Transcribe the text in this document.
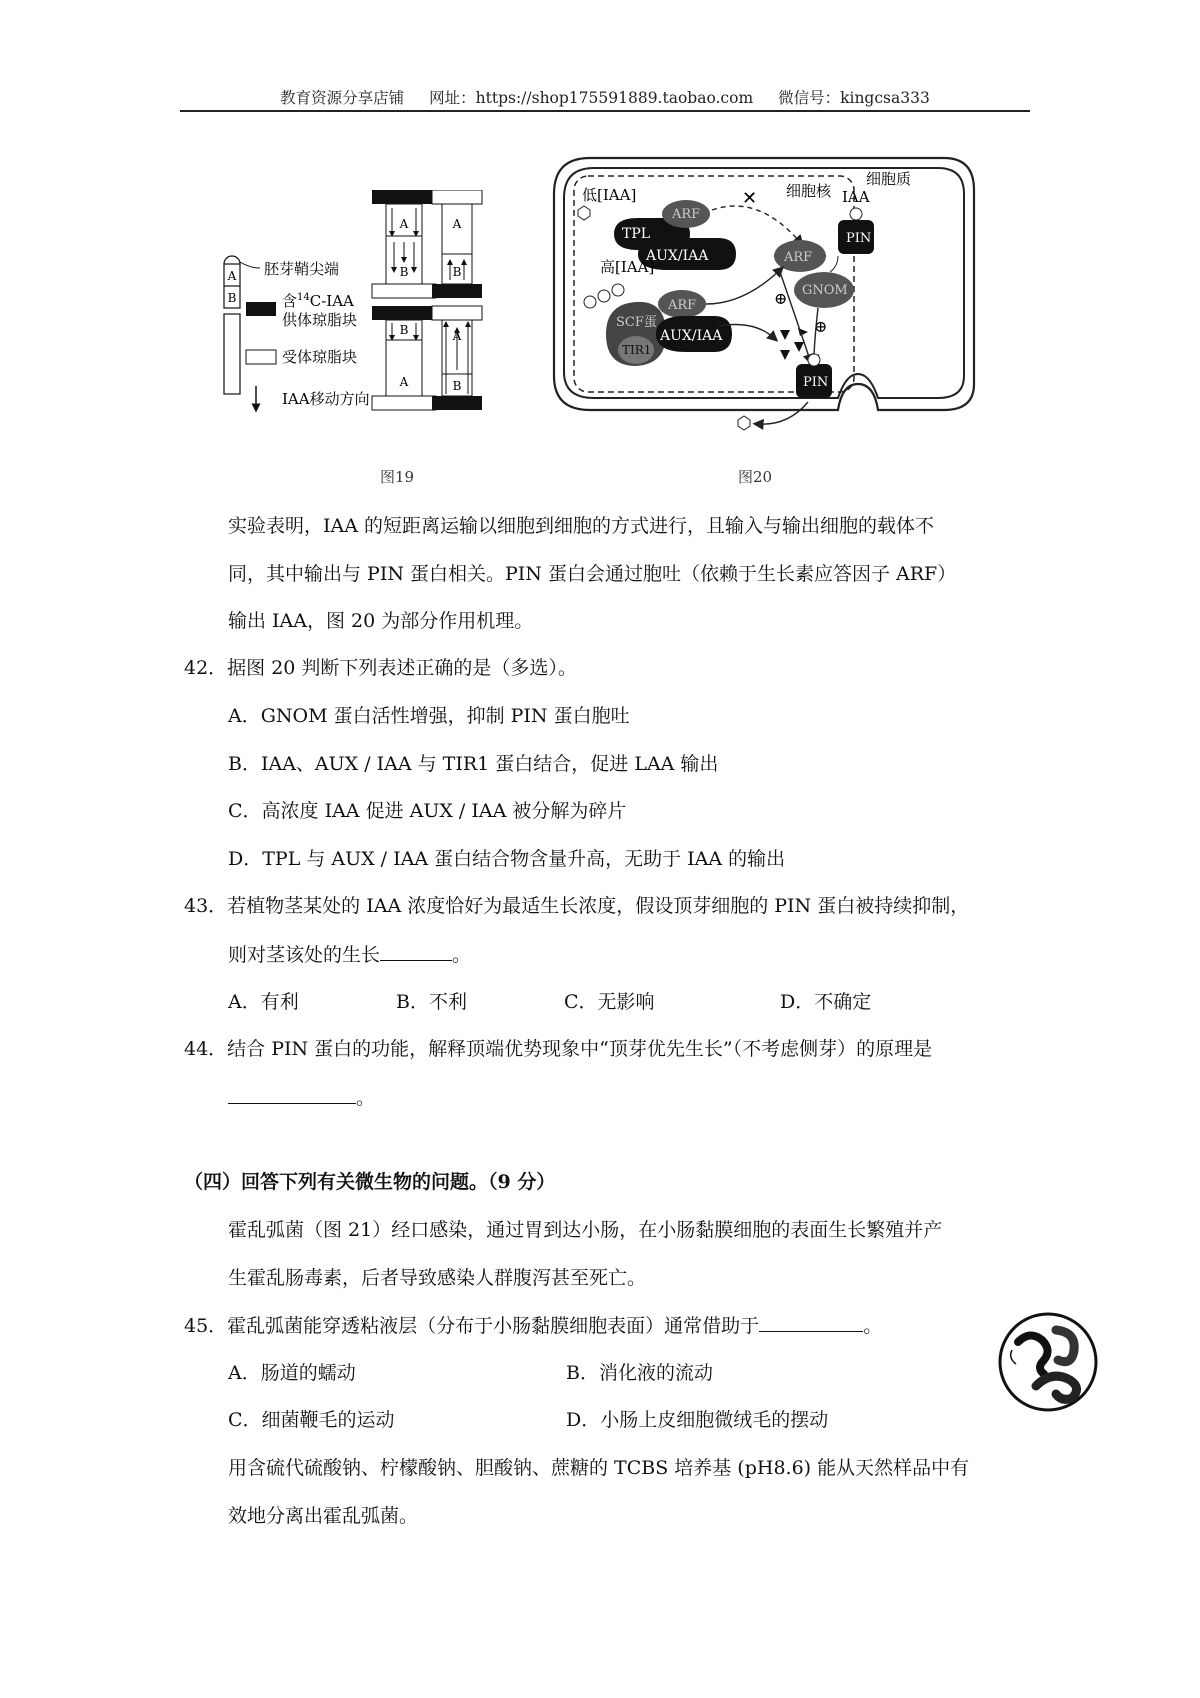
教育资源分享店铺 网址：https://shop175591889.taobao.com 微信号：kingcsa333
A
B
胚芽鞘尖端
含$^{14}$C-IAA
供体琼脂块
受体琼脂块
IAA移动方向
A
B
A
B
B
A
A
B
图19
细胞质
细胞核
低[IAA]
TPL
AUX/IAA
ARF
✕
ARF
高[IAA]
SCF蛋
TIR1
ARF
AUX/IAA
IAA
PIN
GNOM
⊕
⊕
PIN
图20
实验表明，IAA 的短距离运输以细胞到细胞的方式进行，且输入与输出细胞的载体不
同，其中输出与 PIN 蛋白相关。PIN 蛋白会通过胞吐（依赖于生长素应答因子 ARF）
输出 IAA，图 20 为部分作用机理。
42．据图 20 判断下列表述正确的是（多选）。
A．GNOM 蛋白活性增强，抑制 PIN 蛋白胞吐
B．IAA、AUX / IAA 与 TIR1 蛋白结合，促进 LAA 输出
C．高浓度 IAA 促进 AUX / IAA 被分解为碎片
D．TPL 与 AUX / IAA 蛋白结合物含量升高，无助于 IAA 的输出
43．若植物茎某处的 IAA 浓度恰好为最适生长浓度，假设顶芽细胞的 PIN 蛋白被持续抑制，
则对茎该处的生长	。
A．有利	B．不利	C．无影响	D．不确定
44．结合 PIN 蛋白的功能，解释顶端优势现象中“顶芽优先生长”（不考虑侧芽）的原理是
。
（四）回答下列有关微生物的问题。（9 分）
霍乱弧菌（图 21）经口感染，通过胃到达小肠，在小肠黏膜细胞的表面生长繁殖并产
生霍乱肠毒素，后者导致感染人群腹泻甚至死亡。
45．霍乱弧菌能穿透粘液层（分布于小肠黏膜细胞表面）通常借助于	。
A．肠道的蠕动	B．消化液的流动
C．细菌鞭毛的运动	D．小肠上皮细胞微绒毛的摆动
用含硫代硫酸钠、柠檬酸钠、胆酸钠、蔗糖的 TCBS 培养基 (pH8.6) 能从天然样品中有
效地分离出霍乱弧菌。
